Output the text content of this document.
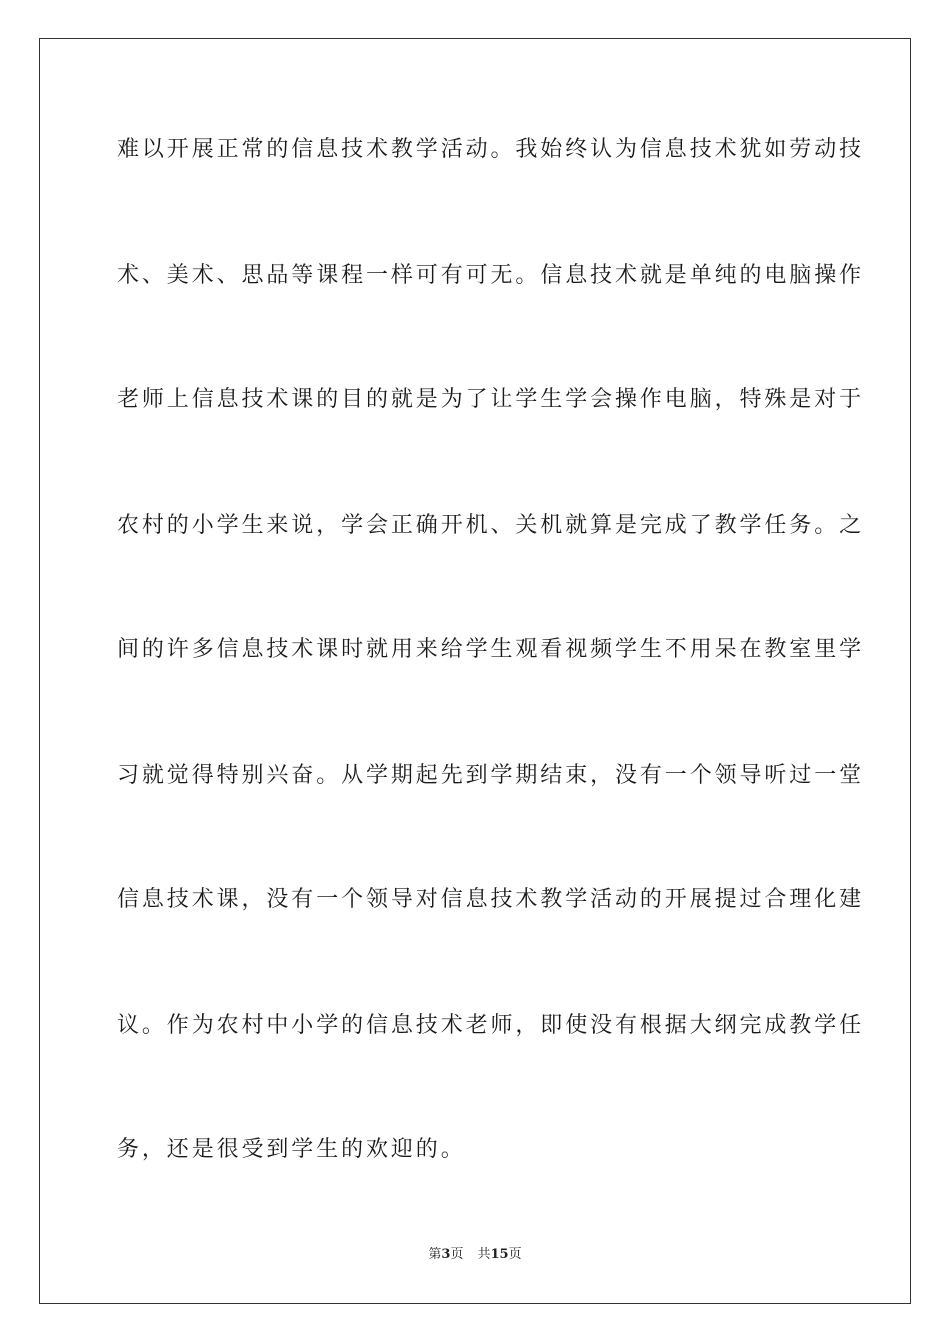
难以开展正常的信息技术教学活动。我始终认为信息技术犹如劳动技
术、美术、思品等课程一样可有可无。信息技术就是单纯的电脑操作
老师上信息技术课的目的就是为了让学生学会操作电脑，特殊是对于
农村的小学生来说，学会正确开机、关机就算是完成了教学任务。之
间的许多信息技术课时就用来给学生观看视频学生不用呆在教室里学
习就觉得特别兴奋。从学期起先到学期结束，没有一个领导听过一堂
信息技术课，没有一个领导对信息技术教学活动的开展提过合理化建
议。作为农村中小学的信息技术老师，即使没有根据大纲完成教学任
务，还是很受到学生的欢迎的。
第3页 共15页
